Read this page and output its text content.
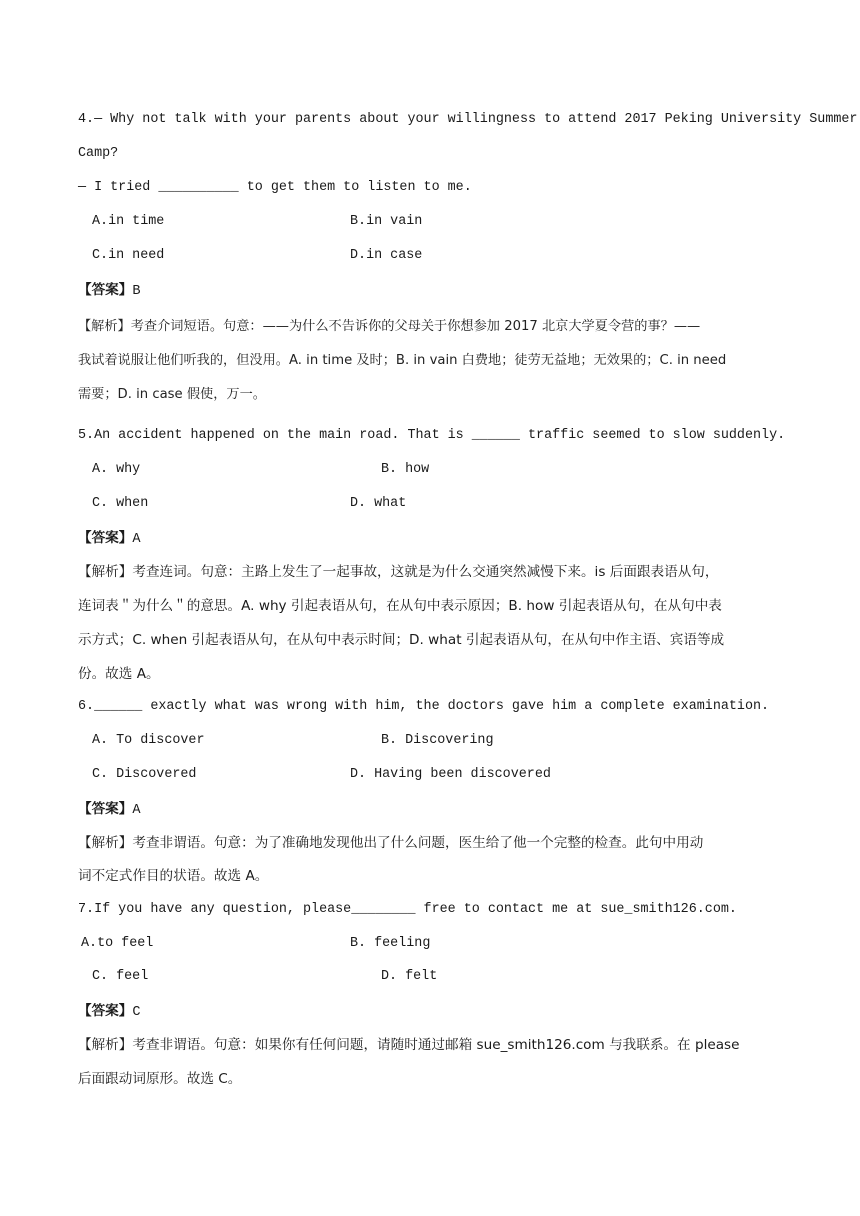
4.— Why not talk with your parents about your willingness to attend 2017 Peking University Summer
Camp?
— I tried __________ to get them to listen to me.
A.in time	B.in vain
C.in need	D.in case
【答案】B
【解析】考查介词短语。句意：——为什么不告诉你的父母关于你想参加 2017 北京大学夏令营的事？——
我试着说服让他们听我的，但没用。A. in time 及时；B. in vain 白费地；徒劳无益地；无效果的；C. in need
需要；D. in case 假使，万一。
5.An accident happened on the main road. That is ______ traffic seemed to slow suddenly.
A. why	B. how
C. when	D. what
【答案】A
【解析】考查连词。句意：主路上发生了一起事故，这就是为什么交通突然减慢下来。is 后面跟表语从句，
连词表＂为什么＂的意思。A. why 引起表语从句，在从句中表示原因；B. how 引起表语从句，在从句中表
示方式；C. when 引起表语从句，在从句中表示时间；D. what 引起表语从句，在从句中作主语、宾语等成
份。故选 A。
6.______ exactly what was wrong with him, the doctors gave him a complete examination.
A. To discover	B. Discovering
C. Discovered	D. Having been discovered
【答案】A
【解析】考查非谓语。句意：为了准确地发现他出了什么问题，医生给了他一个完整的检查。此句中用动
词不定式作目的状语。故选 A。
7.If you have any question, please________ free to contact me at sue_smith126.com.
A.to feel	B. feeling
C. feel	D. felt
【答案】C
【解析】考查非谓语。句意：如果你有任何问题，请随时通过邮箱 sue_smith126.com 与我联系。在 please
后面跟动词原形。故选 C。
